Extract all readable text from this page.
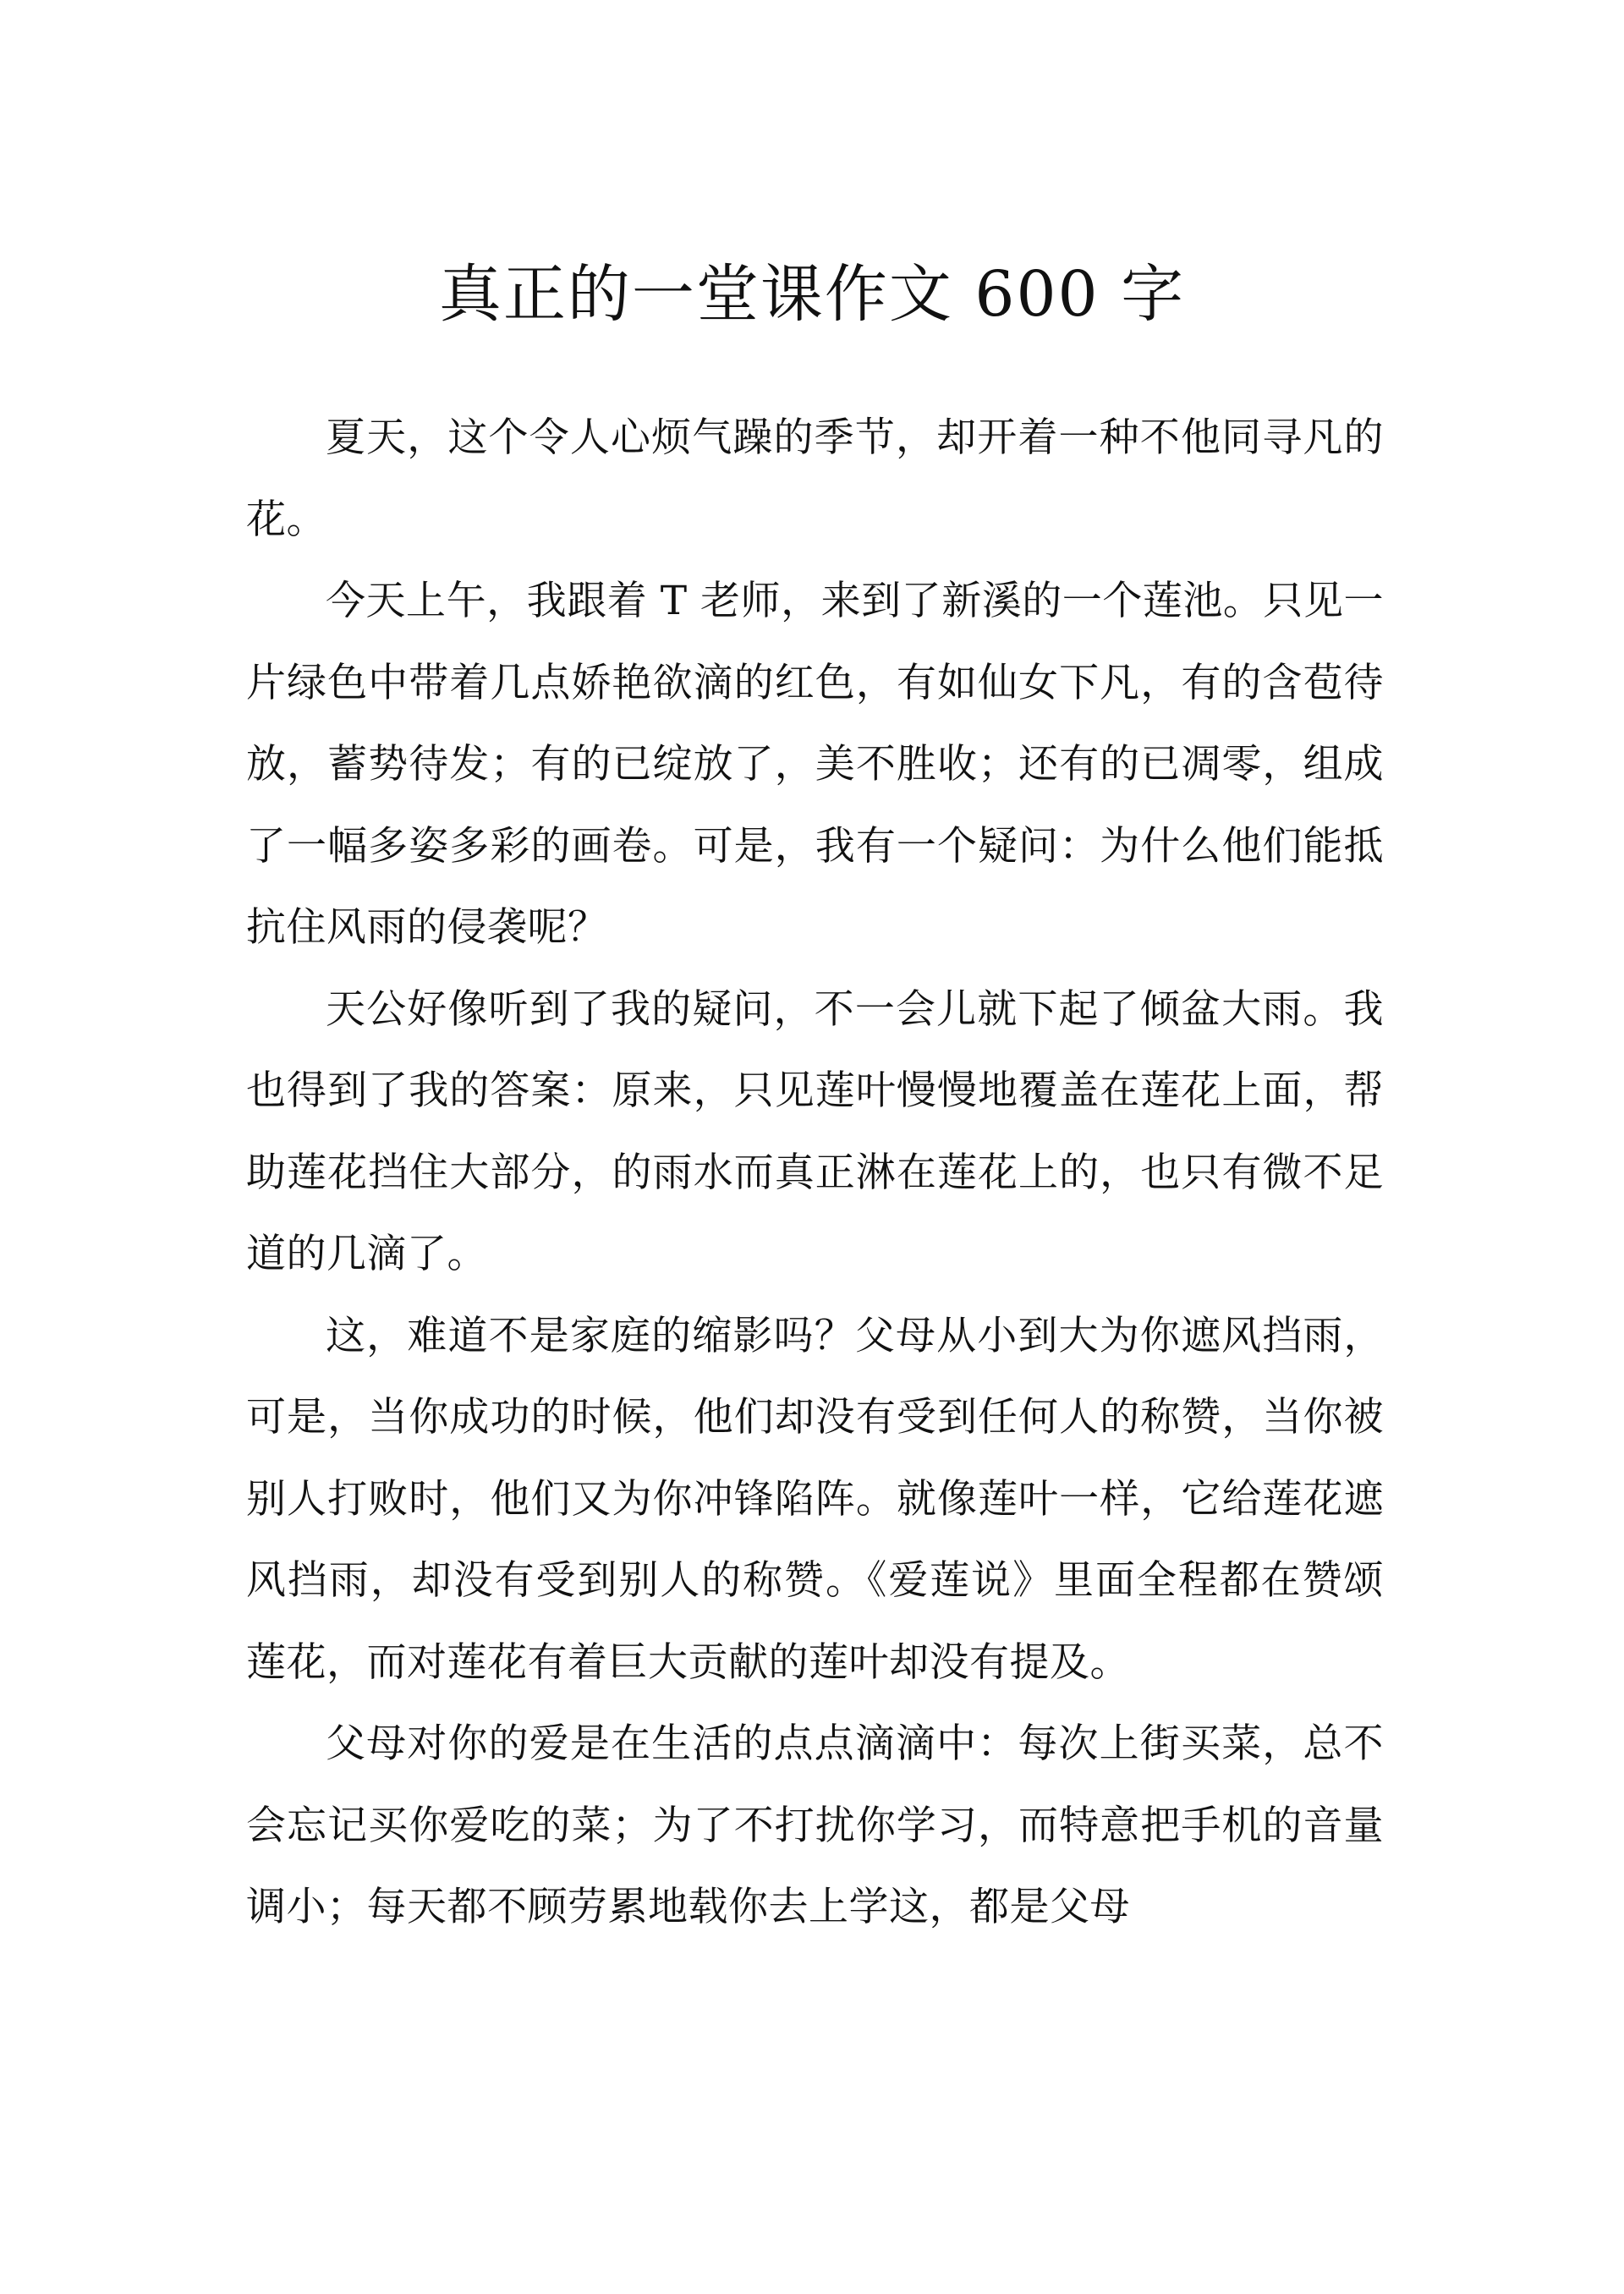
真正的一堂课作文 600 字

夏天，这个令人心烦气躁的季节，却开着一种不他同寻凡的花。

今天上午，我跟着 T 老师，来到了新溪的一个莲池。只见一片绿色中带着几点娇艳欲滴的红色，有如仙女下凡，有的含苞待放，蓄势待发；有的已绽放了，美不胜收；还有的已凋零，组成了一幅多姿多彩的画卷。可是，我有一个疑问：为什么他们能抵抗住风雨的侵袭呢？

天公好像听到了我的疑问，不一会儿就下起了倾盆大雨。我也得到了我的答案：原来，只见莲叶慢慢地覆盖在莲花上面，帮助莲花挡住大部分，的雨水而真正淋在莲花上的，也只有微不足道的几滴了。

这，难道不是家庭的缩影吗？父母从小到大为你遮风挡雨，可是，当你成功的时候，他们却没有受到任何人的称赞，当你被别人打败时，他们又为你冲锋陷阵。就像莲叶一样，它给莲花遮风挡雨，却没有受到别人的称赞。《爱莲说》里面全程都在赞颂莲花，而对莲花有着巨大贡献的莲叶却没有提及。

父母对你的爱是在生活的点点滴滴中：每次上街买菜，总不会忘记买你爱吃的菜；为了不打扰你学习，而特意把手机的音量调小；每天都不顾劳累地载你去上学这，都是父母
